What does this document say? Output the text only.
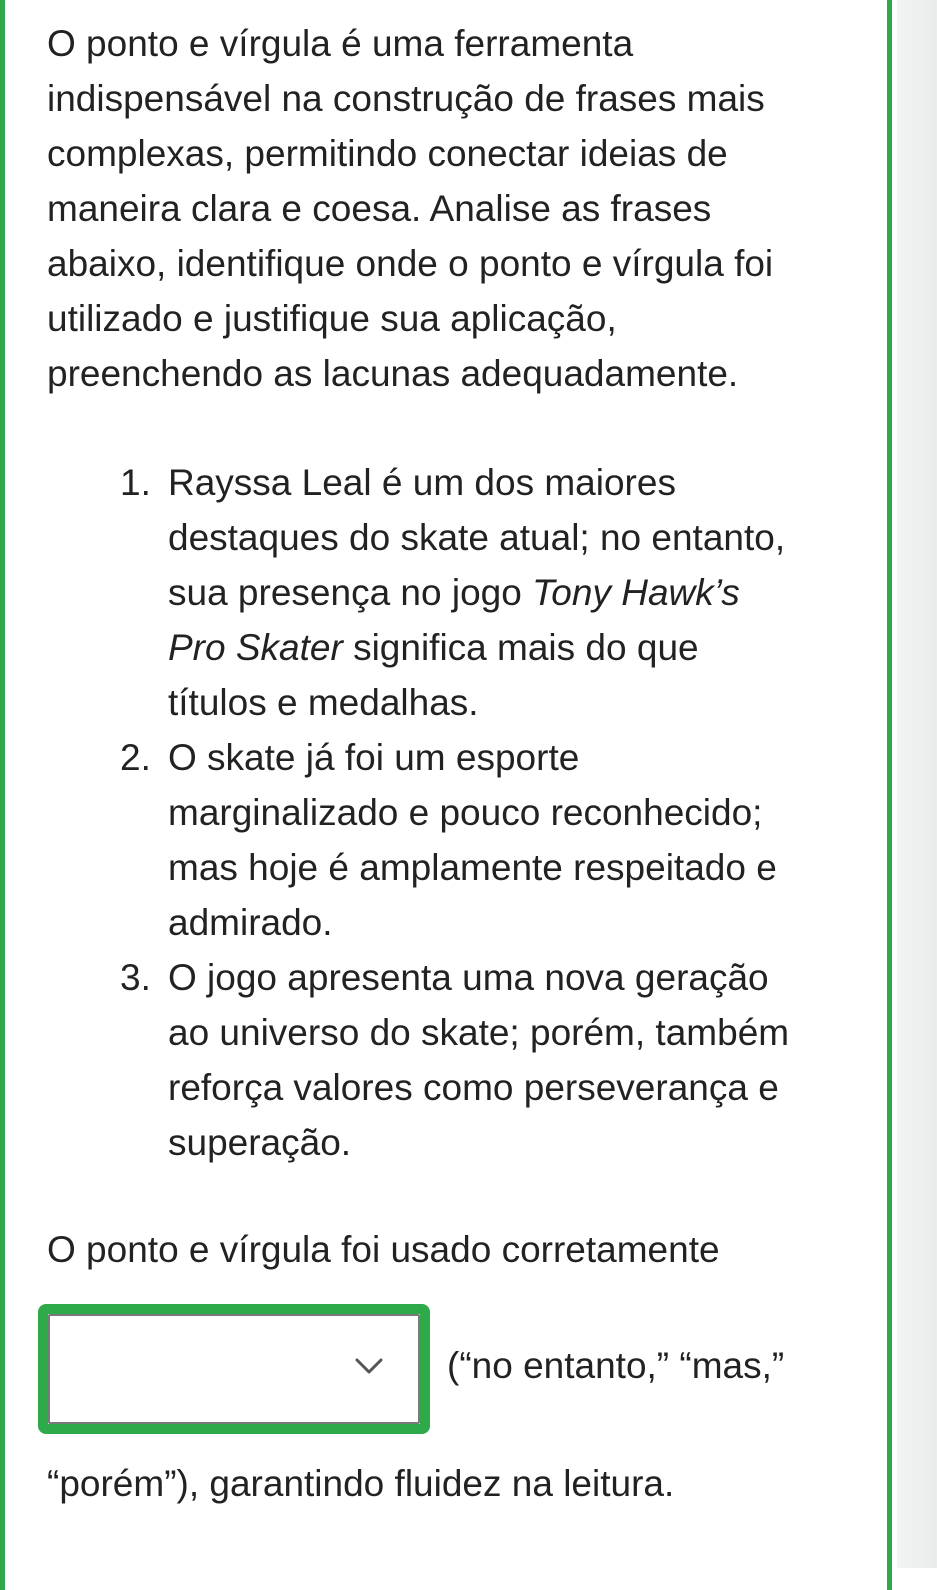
O ponto e vírgula é uma ferramenta
indispensável na construção de frases mais
complexas, permitindo conectar ideias de
maneira clara e coesa. Analise as frases
abaixo, identifique onde o ponto e vírgula foi
utilizado e justifique sua aplicação,
preenchendo as lacunas adequadamente.

1. Rayssa Leal é um dos maiores
destaques do skate atual; no entanto,
sua presença no jogo Tony Hawk’s
Pro Skater significa mais do que
títulos e medalhas.
2. O skate já foi um esporte
marginalizado e pouco reconhecido;
mas hoje é amplamente respeitado e
admirado.
3. O jogo apresenta uma nova geração
ao universo do skate; porém, também
reforça valores como perseverança e
superação.

O ponto e vírgula foi usado corretamente

(“no entanto,” “mas,”

“porém”), garantindo fluidez na leitura.
